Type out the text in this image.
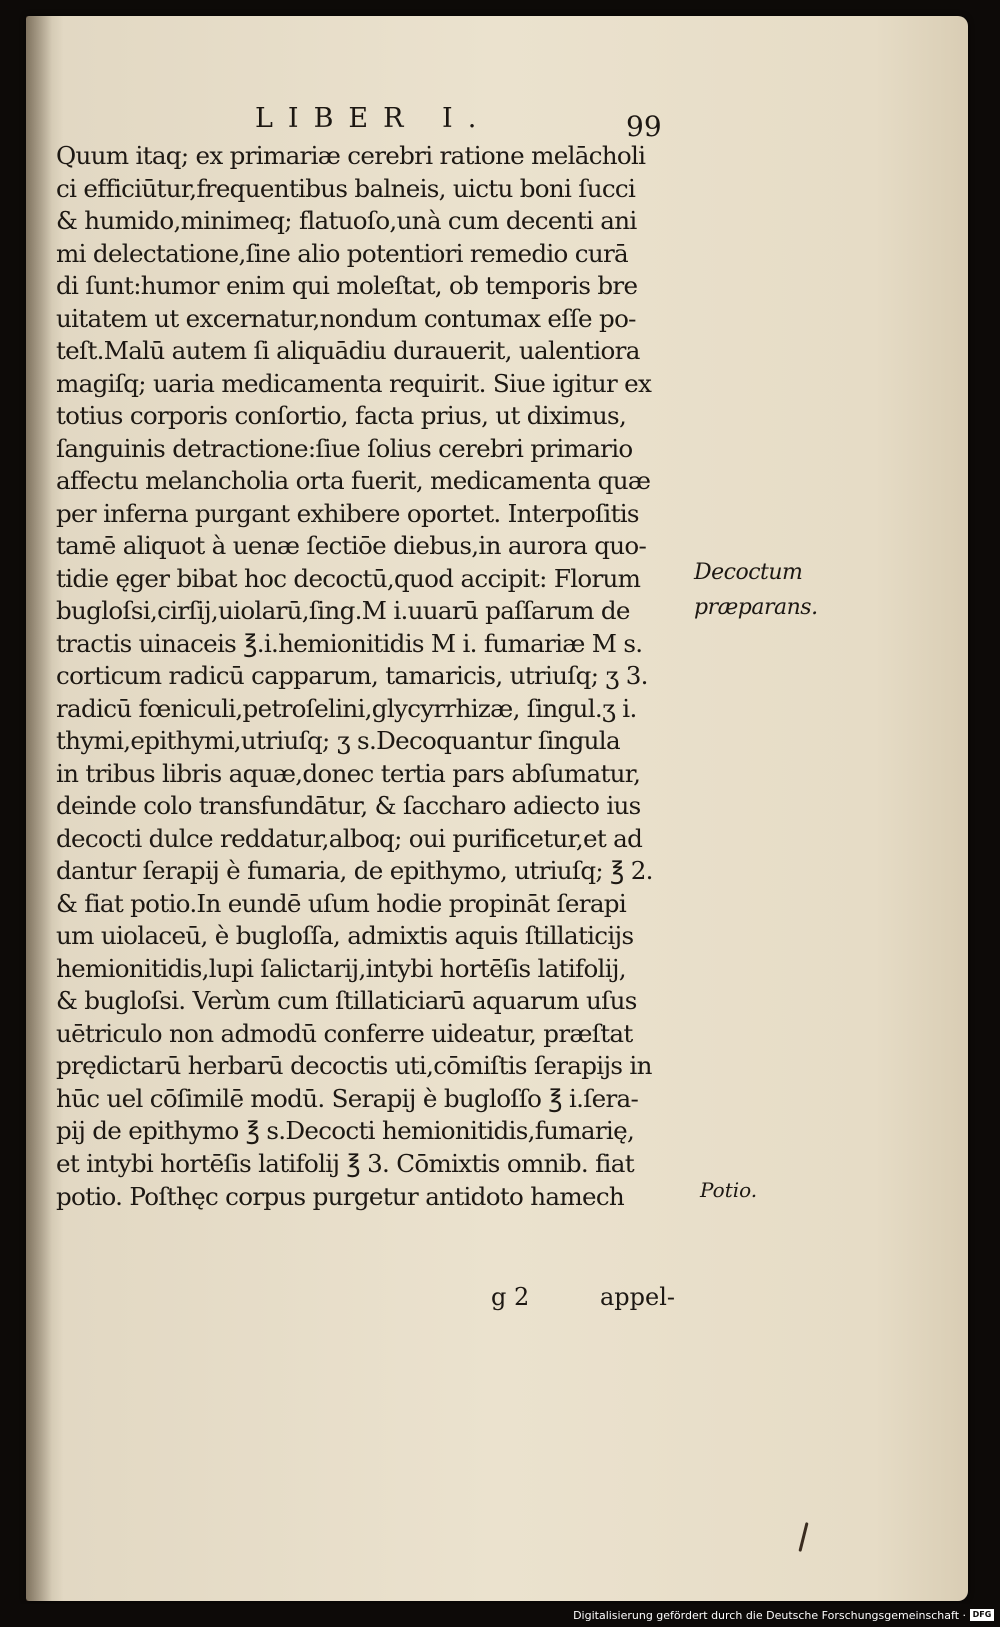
LIBER I.	99
Quum itaq; ex primariæ cerebri ratione melācholi
ci efficiūtur,frequentibus balneis, uictu boni ſucci
& humido,minimeq; flatuoſo,unà cum decenti ani
mi delectatione,ſine alio potentiori remedio curā
di ſunt:humor enim qui moleſtat, ob temporis bre
uitatem ut excernatur,nondum contumax eſſe po-
teſt.Malū autem ſi aliquādiu durauerit, ualentiora
magiſq; uaria medicamenta requirit. Siue igitur ex
totius corporis conſortio, facta prius, ut diximus,
ſanguinis detractione:ſiue ſolius cerebri primario
affectu melancholia orta fuerit, medicamenta quæ
per inferna purgant exhibere oportet. Interpoſitis
tamē aliquot à uenæ ſectiōe diebus,in aurora quo-
tidie ęger bibat hoc decoctū,quod accipit: Florum
bugloſsi,cirſij,uiolarū,ſing.M i.uuarū paſſarum de
tractis uinaceis ℥.i.hemionitidis M i. fumariæ M s.
corticum radicū capparum, tamaricis, utriuſq; ʒ 3.
radicū fœniculi,petroſelini,glycyrrhizæ, ſingul.ʒ i.
thymi,epithymi,utriuſq; ʒ s.Decoquantur ſingula
in tribus libris aquæ,donec tertia pars abſumatur,
deinde colo transfundātur, & ſaccharo adiecto ius
decocti dulce reddatur,alboq; oui purificetur,et ad
dantur ſerapij è fumaria, de epithymo, utriuſq; ℥ 2.
& fiat potio.In eundē uſum hodie propināt ſerapi
um uiolaceū, è bugloſſa, admixtis aquis ſtillaticijs
hemionitidis,lupi ſalictarij,intybi hortēſis latifolij,
& bugloſsi. Verùm cum ſtillaticiarū aquarum uſus
uētriculo non admodū conferre uideatur, præſtat
prędictarū herbarū decoctis uti,cōmiſtis ſerapijs in
hūc uel cōſimilē modū. Serapij è bugloſſo ℥ i.ſera-
pij de epithymo ℥ s.Decocti hemionitidis,fumarię,
et intybi hortēſis latifolij ℥ 3. Cōmixtis omnib. fiat
potio. Poſthęc corpus purgetur antidoto hamech
Decoctum
præparans.
Potio.
g 2	appel-
Digitalisierung gefördert durch die Deutsche Forschungsgemeinschaft · DFG
